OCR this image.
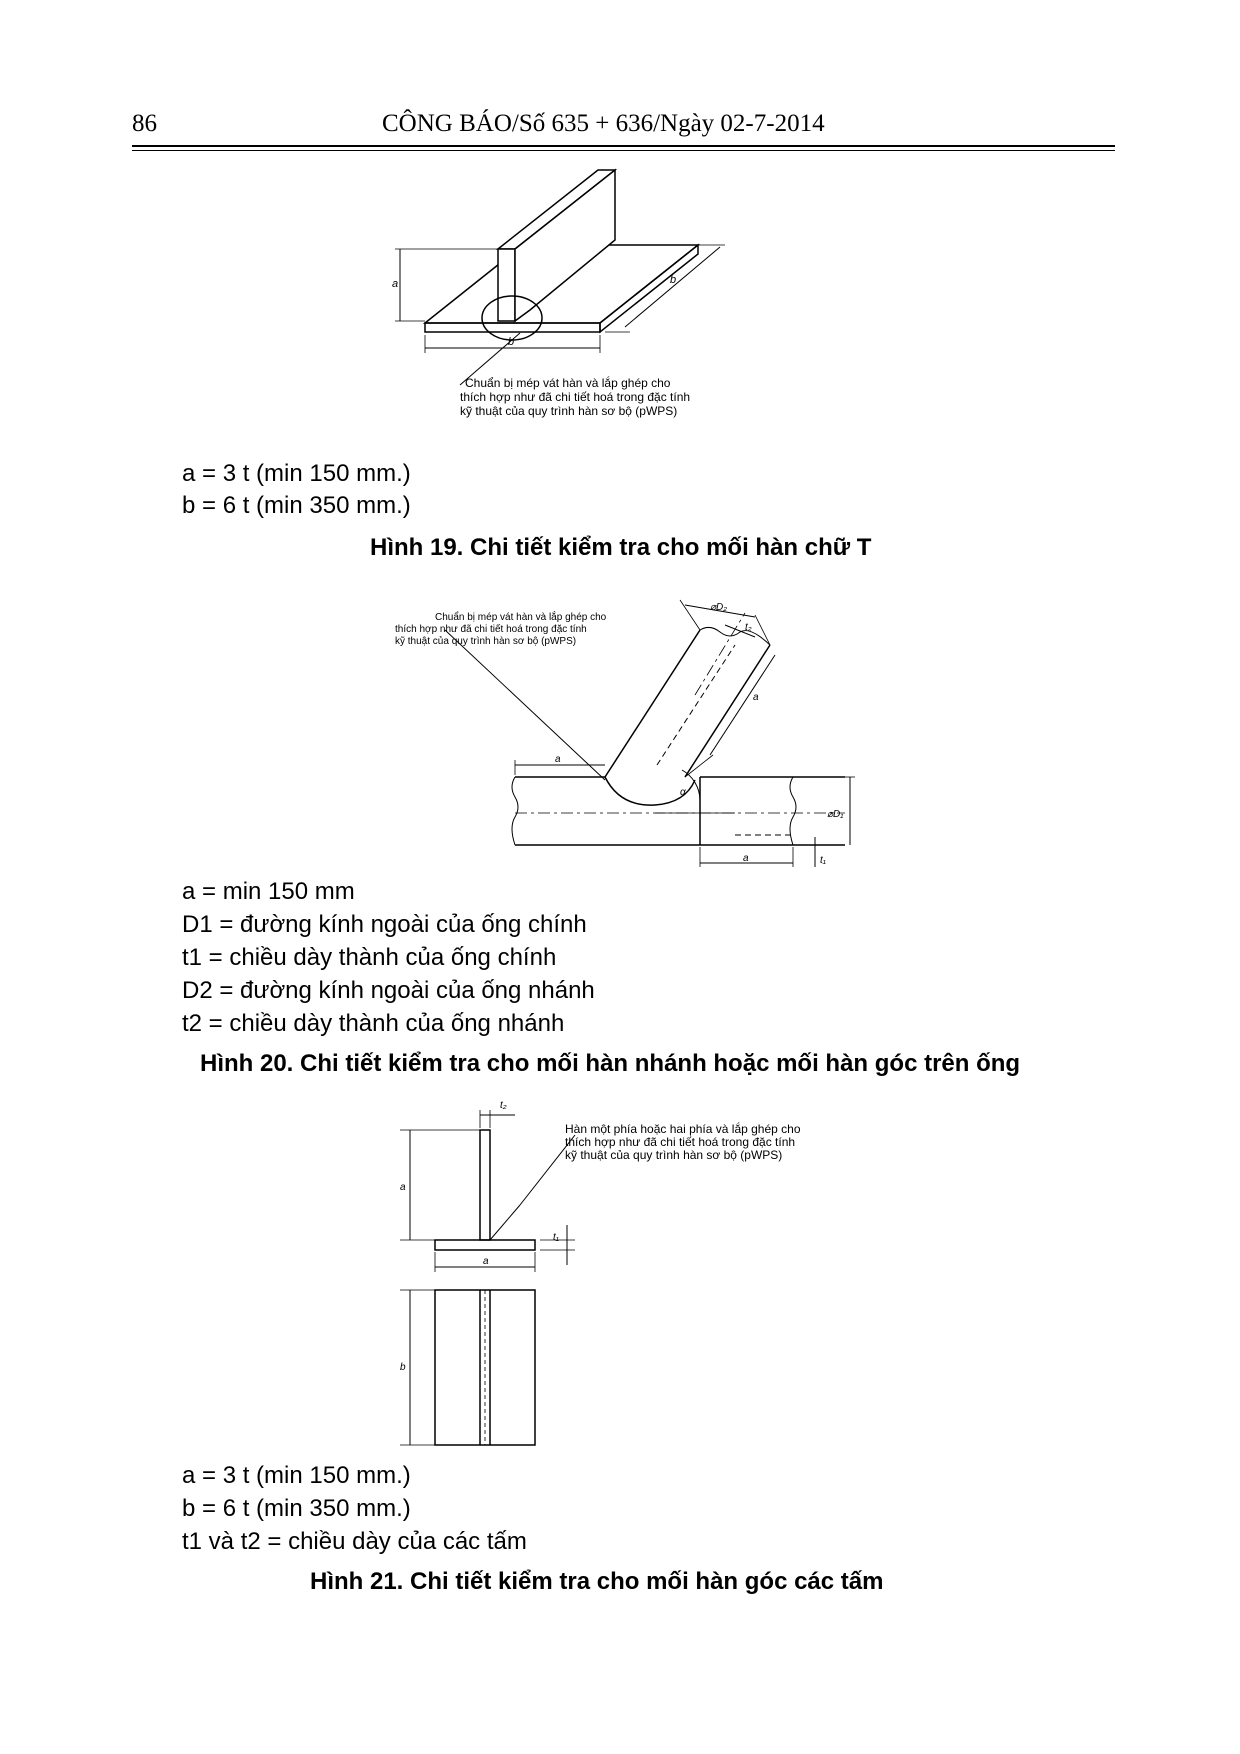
86	CÔNG BÁO/Số 635 + 636/Ngày 02-7-2014
a
b
b
Chuẩn bị mép vát hàn và lắp ghép cho
thích hợp như đã chi tiết hoá trong đặc tính
kỹ thuật của quy trình hàn sơ bộ (pWPS)
a = 3 t (min 150 mm.)
b = 6 t (min 350 mm.)
Hình 19. Chi tiết kiểm tra cho mối hàn chữ T
Chuẩn bị mép vát hàn và lắp ghép cho
thích hợp như đã chi tiết hoá trong đặc tính
kỹ thuật của quy trình hàn sơ bộ (pWPS)
⌀D₂
t₂
a
α
a
a
⌀D₁
t₁
a = min 150 mm
D1 = đường kính ngoài của ống chính
t1 = chiều dày thành của ống chính
D2 = đường kính ngoài của ống nhánh
t2 = chiều dày thành của ống nhánh
Hình 20. Chi tiết kiểm tra cho mối hàn nhánh hoặc mối hàn góc trên ống
t₂
t₁
a
a
b
Hàn một phía hoặc hai phía và lắp ghép cho
thích hợp như đã chi tiết hoá trong đặc tính
kỹ thuật của quy trình hàn sơ bộ (pWPS)
a = 3 t (min 150 mm.)
b = 6 t (min 350 mm.)
t1 và t2 = chiều dày của các tấm
Hình 21. Chi tiết kiểm tra cho mối hàn góc các tấm
